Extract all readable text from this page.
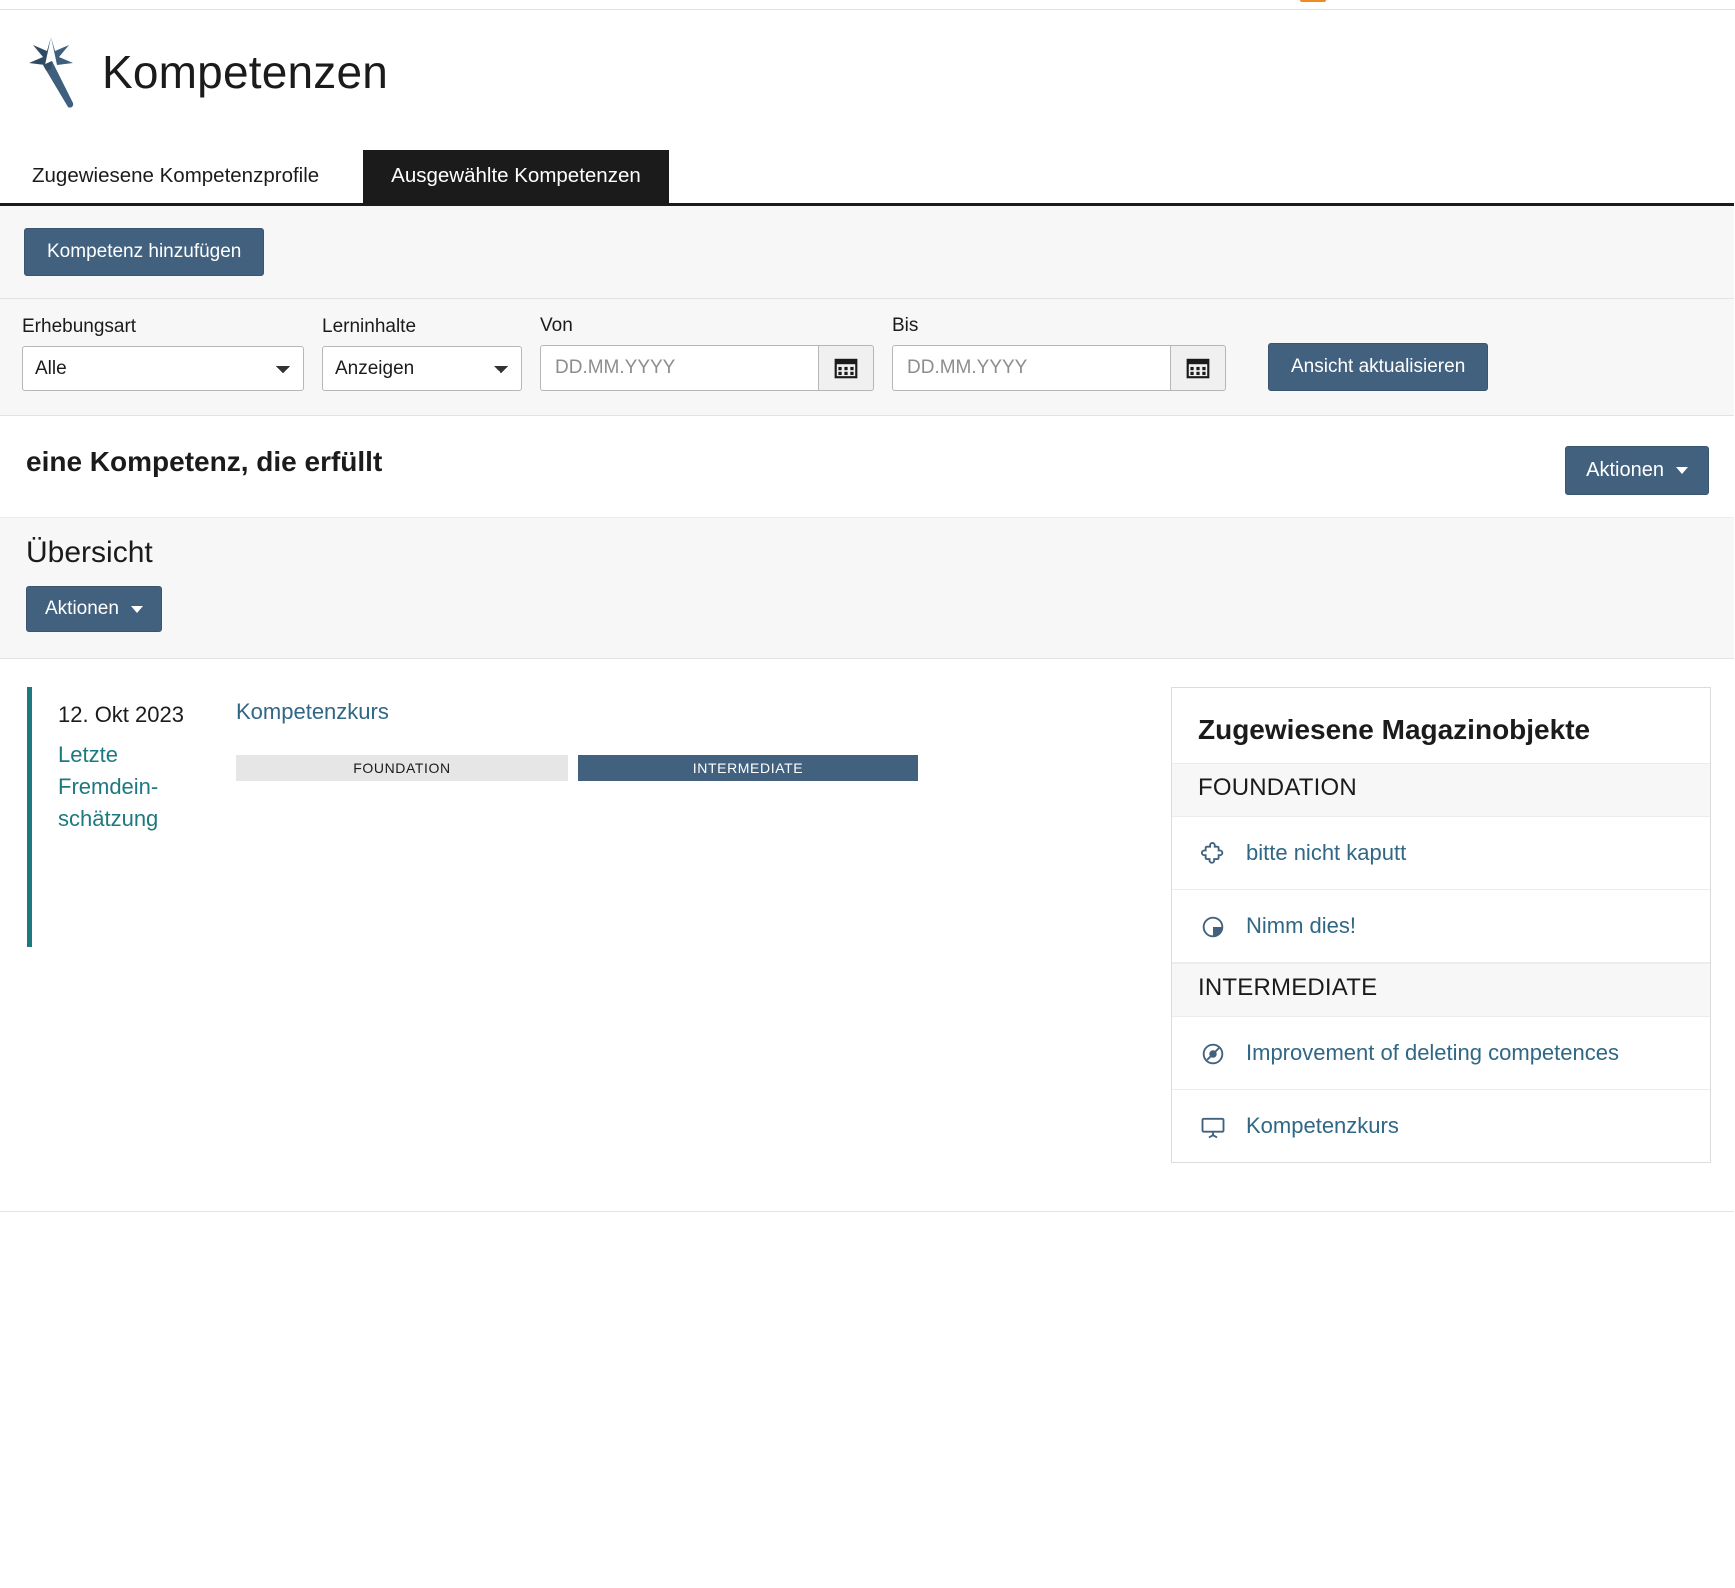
Kompetenzen
Zugewiesene Kompetenzprofile	Ausgewählte Kompetenzen
Kompetenz hinzufügen
Erhebungsart
Alle	Lerninhalte
Anzeigen	Von
DD.MM.YYYY	Bis
DD.MM.YYYY
Ansicht aktualisieren
eine Kompetenz, die erfüllt	Aktionen
Übersicht
Aktionen
12. Okt 2023
Letzte Fremdein-schätzung
Kompetenzkurs
FOUNDATION	INTERMEDIATE
Zugewiesene Magazinobjekte
FOUNDATION
bitte nicht kaputt
Nimm dies!
INTERMEDIATE
Improvement of deleting competences
Kompetenzkurs
